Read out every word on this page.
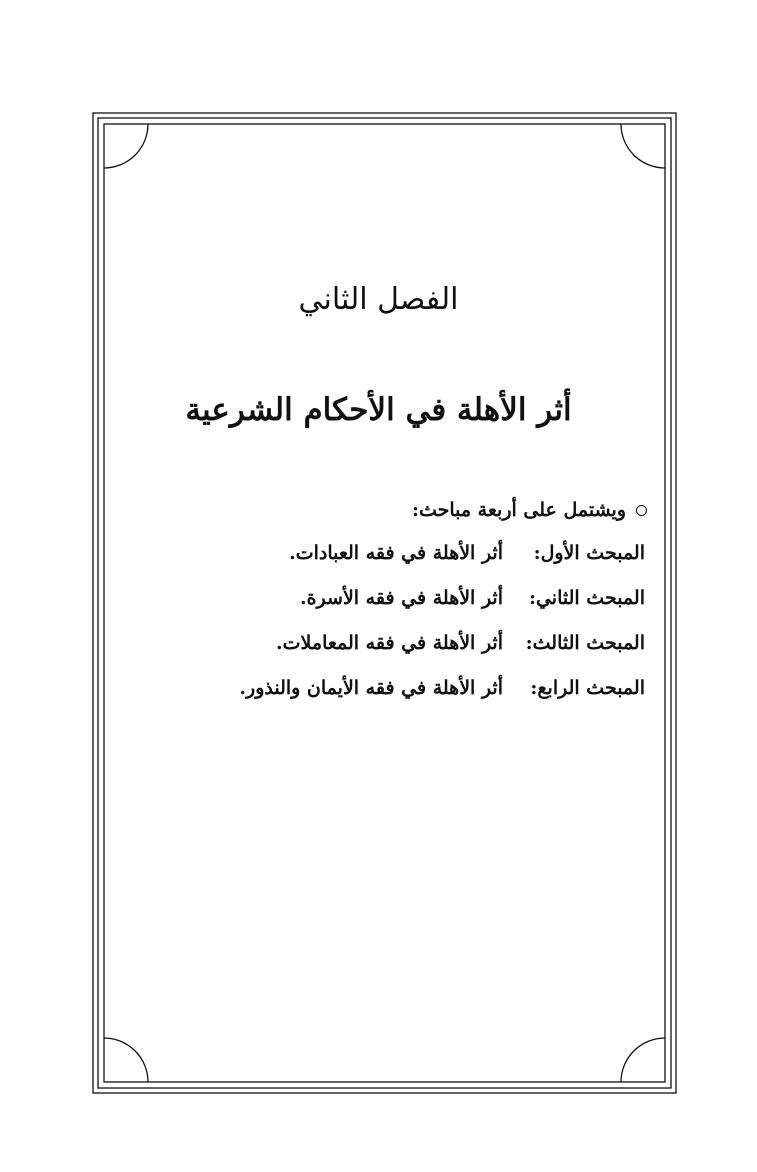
الفصل الثاني
أثر الأهلة في الأحكام الشرعية
ويشتمل على أربعة مباحث:
المبحث الأول:
أثر الأهلة في فقه العبادات.
المبحث الثاني:
أثر الأهلة في فقه الأسرة.
المبحث الثالث:
أثر الأهلة في فقه المعاملات.
المبحث الرابع:
أثر الأهلة في فقه الأيمان والنذور.
